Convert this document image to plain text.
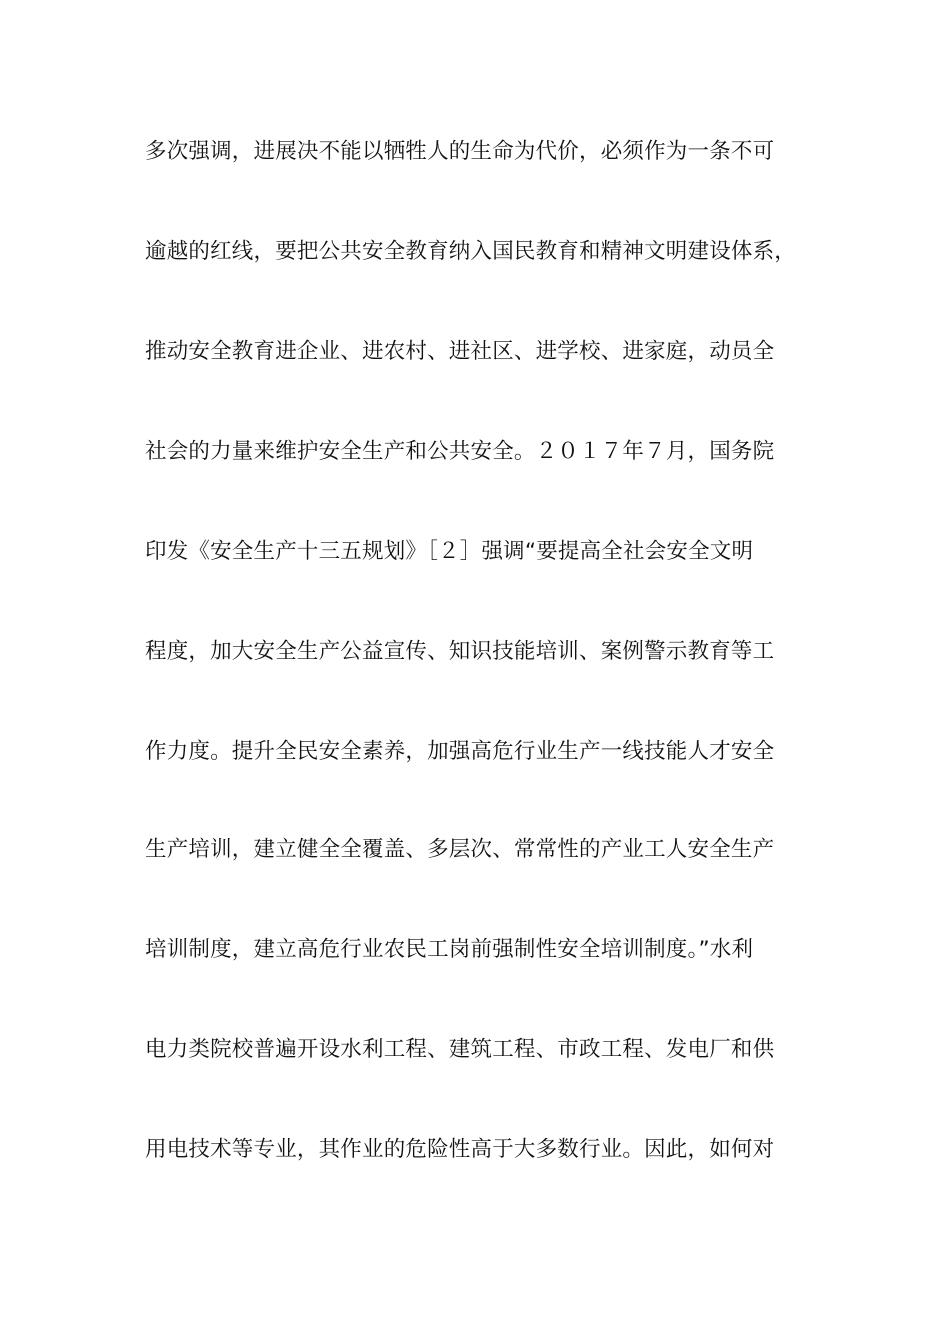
多次强调，进展决不能以牺牲人的生命为代价，必须作为一条不可
逾越的红线，要把公共安全教育纳入国民教育和精神文明建设体系，
推动安全教育进企业、进农村、进社区、进学校、进家庭，动员全
社会的力量来维护安全生产和公共安全。２０１７年７月，国务院
印发《安全生产十三五规划》［２］强调“要提高全社会安全文明
程度，加大安全生产公益宣传、知识技能培训、案例警示教育等工
作力度。提升全民安全素养，加强高危行业生产一线技能人才安全
生产培训，建立健全全覆盖、多层次、常常性的产业工人安全生产
培训制度，建立高危行业农民工岗前强制性安全培训制度。”水利
电力类院校普遍开设水利工程、建筑工程、市政工程、发电厂和供
用电技术等专业，其作业的危险性高于大多数行业。因此，如何对
